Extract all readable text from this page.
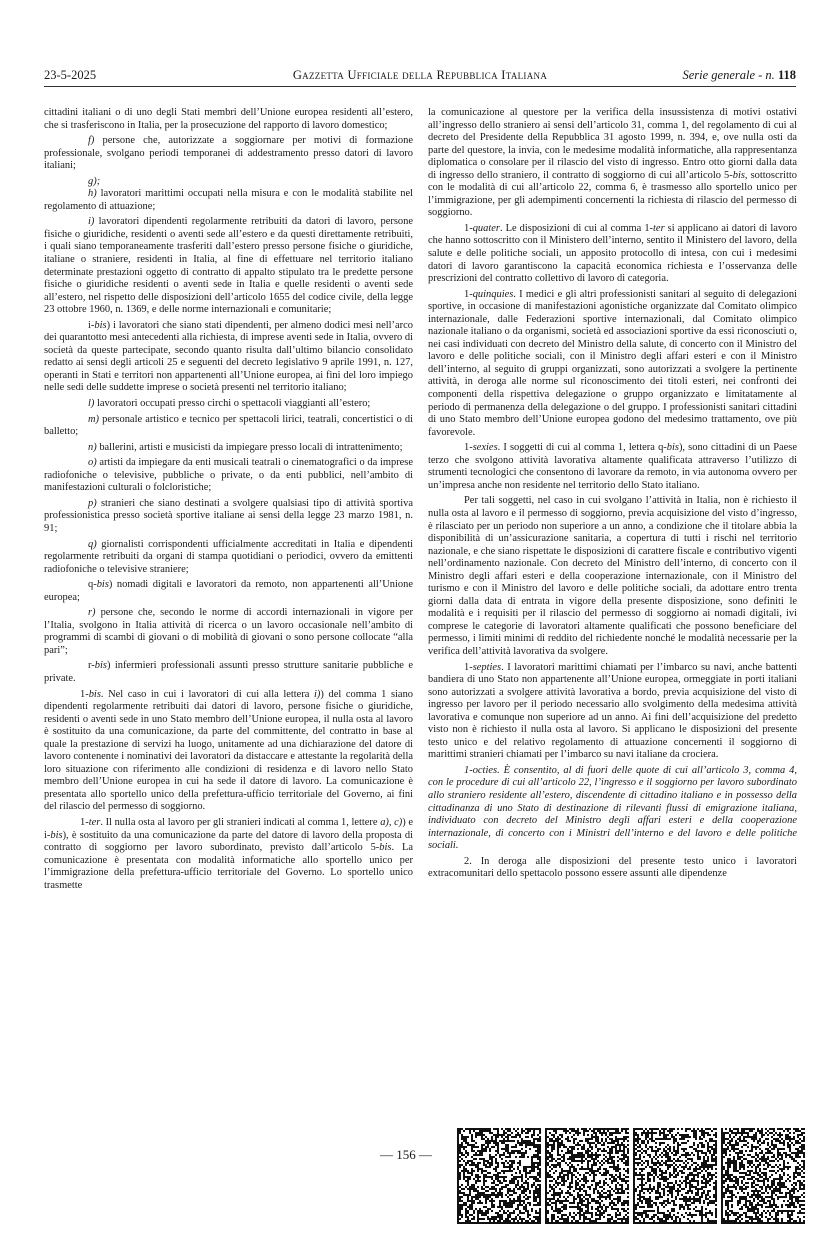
23-5-2025	Gazzetta Ufficiale della Repubblica Italiana	Serie generale - n. 118

cittadini italiani o di uno degli Stati membri dell’Unione europea residenti all’estero, che si trasferiscono in Italia, per la prosecuzione del rapporto di lavoro domestico;

f) persone che, autorizzate a soggiornare per motivi di formazione professionale, svolgano periodi temporanei di addestramento presso datori di lavoro italiani;

g);

h) lavoratori marittimi occupati nella misura e con le modalità stabilite nel regolamento di attuazione;

i) lavoratori dipendenti regolarmente retribuiti da datori di lavoro, persone fisiche o giuridiche, residenti o aventi sede all’estero e da questi direttamente retribuiti, i quali siano temporaneamente trasferiti dall’estero presso persone fisiche o giuridiche, italiane o straniere, residenti in Italia, al fine di effettuare nel territorio italiano determinate prestazioni oggetto di contratto di appalto stipulato tra le predette persone fisiche o giuridiche residenti o aventi sede in Italia e quelle residenti o aventi sede all’estero, nel rispetto delle disposizioni dell’articolo 1655 del codice civile, della legge 23 ottobre 1960, n. 1369, e delle norme internazionali e comunitarie;

i-bis) i lavoratori che siano stati dipendenti, per almeno dodici mesi nell’arco dei quarantotto mesi antecedenti alla richiesta, di imprese aventi sede in Italia, ovvero di società da queste partecipate, secondo quanto risulta dall’ultimo bilancio consolidato redatto ai sensi degli articoli 25 e seguenti del decreto legislativo 9 aprile 1991, n. 127, operanti in Stati e territori non appartenenti all’Unione europea, ai fini del loro impiego nelle sedi delle suddette imprese o società presenti nel territorio italiano;

l) lavoratori occupati presso circhi o spettacoli viaggianti all’estero;

m) personale artistico e tecnico per spettacoli lirici, teatrali, concertistici o di balletto;

n) ballerini, artisti e musicisti da impiegare presso locali di intrattenimento;

o) artisti da impiegare da enti musicali teatrali o cinematografici o da imprese radiofoniche o televisive, pubbliche o private, o da enti pubblici, nell’ambito di manifestazioni culturali o folcloristiche;

p) stranieri che siano destinati a svolgere qualsiasi tipo di attività sportiva professionistica presso società sportive italiane ai sensi della legge 23 marzo 1981, n. 91;

q) giornalisti corrispondenti ufficialmente accreditati in Italia e dipendenti regolarmente retribuiti da organi di stampa quotidiani o periodici, ovvero da emittenti radiofoniche o televisive straniere;

q-bis) nomadi digitali e lavoratori da remoto, non appartenenti all’Unione europea;

r) persone che, secondo le norme di accordi internazionali in vigore per l’Italia, svolgono in Italia attività di ricerca o un lavoro occasionale nell’ambito di programmi di scambi di giovani o di mobilità di giovani o sono persone collocate “alla pari”;

r-bis) infermieri professionali assunti presso strutture sanitarie pubbliche e private.

1-bis. Nel caso in cui i lavoratori di cui alla lettera i)) del comma 1 siano dipendenti regolarmente retribuiti dai datori di lavoro, persone fisiche o giuridiche, residenti o aventi sede in uno Stato membro dell’Unione europea, il nulla osta al lavoro è sostituito da una comunicazione, da parte del committente, del contratto in base al quale la prestazione di servizi ha luogo, unitamente ad una dichiarazione del datore di lavoro contenente i nominativi dei lavoratori da distaccare e attestante la regolarità della loro situazione con riferimento alle condizioni di residenza e di lavoro nello Stato membro dell’Unione europea in cui ha sede il datore di lavoro. La comunicazione è presentata allo sportello unico della prefettura-ufficio territoriale del Governo, ai fini del rilascio del permesso di soggiorno.

1-ter. Il nulla osta al lavoro per gli stranieri indicati al comma 1, lettere a), c)) e i-bis), è sostituito da una comunicazione da parte del datore di lavoro della proposta di contratto di soggiorno per lavoro subordinato, previsto dall’articolo 5-bis. La comunicazione è presentata con modalità informatiche allo sportello unico per l’immigrazione della prefettura-ufficio territoriale del Governo. Lo sportello unico trasmette

la comunicazione al questore per la verifica della insussistenza di motivi ostativi all’ingresso dello straniero ai sensi dell’articolo 31, comma 1, del regolamento di cui al decreto del Presidente della Repubblica 31 agosto 1999, n. 394, e, ove nulla osti da parte del questore, la invia, con le medesime modalità informatiche, alla rappresentanza diplomatica o consolare per il rilascio del visto di ingresso. Entro otto giorni dalla data di ingresso dello straniero, il contratto di soggiorno di cui all’articolo 5-bis, sottoscritto con le modalità di cui all’articolo 22, comma 6, è trasmesso allo sportello unico per l’immigrazione, per gli adempimenti concernenti la richiesta di rilascio del permesso di soggiorno.

1-quater. Le disposizioni di cui al comma 1-ter si applicano ai datori di lavoro che hanno sottoscritto con il Ministero dell’interno, sentito il Ministero del lavoro, della salute e delle politiche sociali, un apposito protocollo di intesa, con cui i medesimi datori di lavoro garantiscono la capacità economica richiesta e l’osservanza delle prescrizioni del contratto collettivo di lavoro di categoria.

1-quinquies. I medici e gli altri professionisti sanitari al seguito di delegazioni sportive, in occasione di manifestazioni agonistiche organizzate dal Comitato olimpico internazionale, dalle Federazioni sportive internazionali, dal Comitato olimpico nazionale italiano o da organismi, società ed associazioni sportive da essi riconosciuti o, nei casi individuati con decreto del Ministro della salute, di concerto con il Ministro del lavoro e delle politiche sociali, con il Ministro degli affari esteri e con il Ministro dell’interno, al seguito di gruppi organizzati, sono autorizzati a svolgere la pertinente attività, in deroga alle norme sul riconoscimento dei titoli esteri, nei confronti dei componenti della rispettiva delegazione o gruppo organizzato e limitatamente al periodo di permanenza della delegazione o del gruppo. I professionisti sanitari cittadini di uno Stato membro dell’Unione europea godono del medesimo trattamento, ove più favorevole.

1-sexies. I soggetti di cui al comma 1, lettera q-bis), sono cittadini di un Paese terzo che svolgono attività lavorativa altamente qualificata attraverso l’utilizzo di strumenti tecnologici che consentono di lavorare da remoto, in via autonoma ovvero per un’impresa anche non residente nel territorio dello Stato italiano.

Per tali soggetti, nel caso in cui svolgano l’attività in Italia, non è richiesto il nulla osta al lavoro e il permesso di soggiorno, previa acquisizione del visto d’ingresso, è rilasciato per un periodo non superiore a un anno, a condizione che il titolare abbia la disponibilità di un’assicurazione sanitaria, a copertura di tutti i rischi nel territorio nazionale, e che siano rispettate le disposizioni di carattere fiscale e contributivo vigenti nell’ordinamento nazionale. Con decreto del Ministro dell’interno, di concerto con il Ministro degli affari esteri e della cooperazione internazionale, con il Ministro del turismo e con il Ministro del lavoro e delle politiche sociali, da adottare entro trenta giorni dalla data di entrata in vigore della presente disposizione, sono definiti le modalità e i requisiti per il rilascio del permesso di soggiorno ai nomadi digitali, ivi comprese le categorie di lavoratori altamente qualificati che possono beneficiare del permesso, i limiti minimi di reddito del richiedente nonché le modalità necessarie per la verifica dell’attività lavorativa da svolgere.

1-septies. I lavoratori marittimi chiamati per l’imbarco su navi, anche battenti bandiera di uno Stato non appartenente all’Unione europea, ormeggiate in porti italiani sono autorizzati a svolgere attività lavorativa a bordo, previa acquisizione del visto di ingresso per lavoro per il periodo necessario allo svolgimento della medesima attività lavorativa e comunque non superiore ad un anno. Ai fini dell’acquisizione del predetto visto non è richiesto il nulla osta al lavoro. Si applicano le disposizioni del presente testo unico e del relativo regolamento di attuazione concernenti il soggiorno di marittimi stranieri chiamati per l’imbarco su navi italiane da crociera.

1-octies. È consentito, al di fuori delle quote di cui all’articolo 3, comma 4, con le procedure di cui all’articolo 22, l’ingresso e il soggiorno per lavoro subordinato allo straniero residente all’estero, discendente di cittadino italiano e in possesso della cittadinanza di uno Stato di destinazione di rilevanti flussi di emigrazione italiana, individuato con decreto del Ministro degli affari esteri e della cooperazione internazionale, di concerto con i Ministri dell’interno e del lavoro e delle politiche sociali.

2. In deroga alle disposizioni del presente testo unico i lavoratori extracomunitari dello spettacolo possono essere assunti alle dipendenze

— 156 —
